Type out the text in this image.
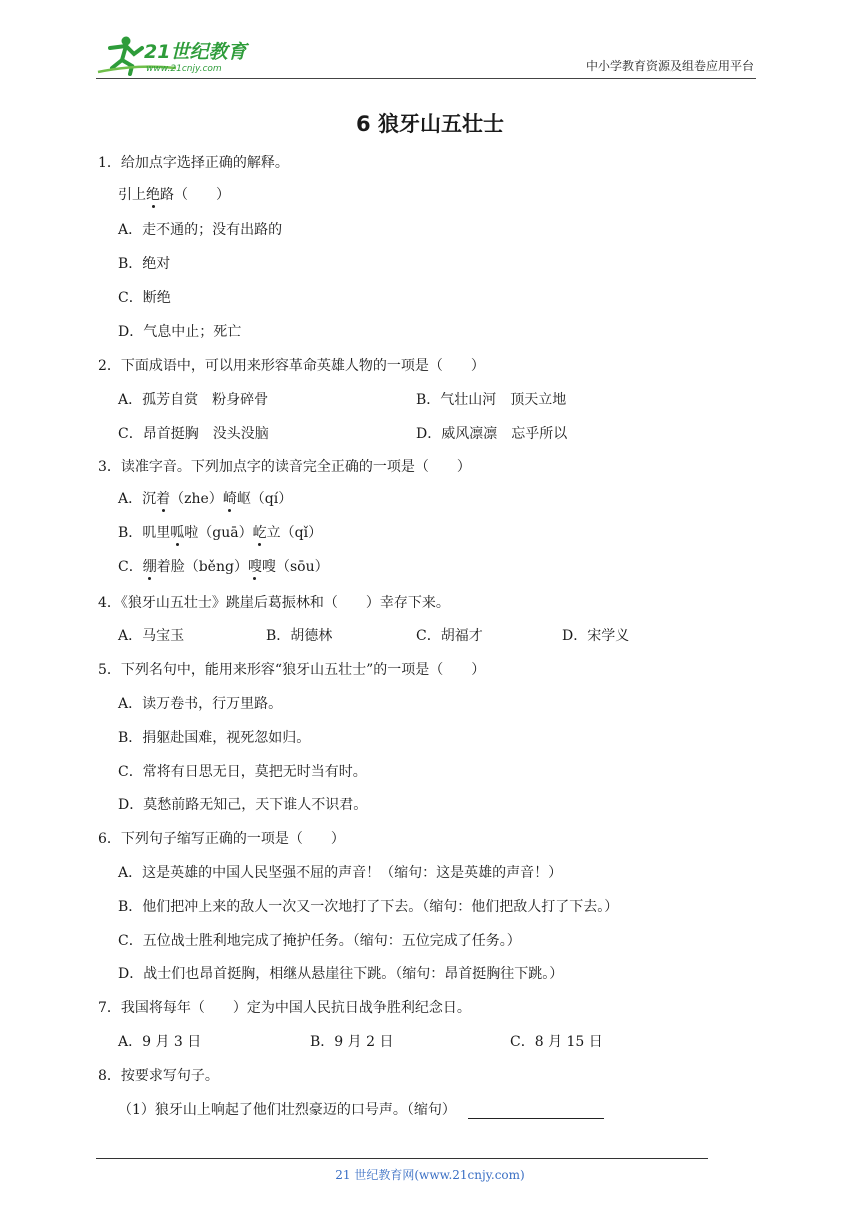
21世纪教育
www.21cnjy.com	中小学教育资源及组卷应用平台
6 狼牙山五壮士
1．给加点字选择正确的解释。
引上绝路（　　）
A．走不通的；没有出路的
B．绝对
C．断绝
D．气息中止；死亡
2．下面成语中，可以用来形容革命英雄人物的一项是（　　）
A．孤芳自赏　粉身碎骨	B．气壮山河　顶天立地
C．昂首挺胸　没头没脑	D．威风凛凛　忘乎所以
3．读准字音。下列加点字的读音完全正确的一项是（　　）
A．沉着（zhe）崎岖（qí）
B．叽里呱啦（guā）屹立（qǐ）
C．绷着脸（běng）嗖嗖（sōu）
4．《狼牙山五壮士》跳崖后葛振林和（　　）幸存下来。
A．马宝玉	B．胡德林	C．胡福才	D．宋学义
5．下列名句中，能用来形容“狼牙山五壮士”的一项是（　　）
A．读万卷书，行万里路。
B．捐躯赴国难，视死忽如归。
C．常将有日思无日，莫把无时当有时。
D．莫愁前路无知己，天下谁人不识君。
6．下列句子缩写正确的一项是（　　）
A．这是英雄的中国人民坚强不屈的声音！（缩句：这是英雄的声音！）
B．他们把冲上来的敌人一次又一次地打了下去。（缩句：他们把敌人打了下去。）
C．五位战士胜利地完成了掩护任务。（缩句：五位完成了任务。）
D．战士们也昂首挺胸，相继从悬崖往下跳。（缩句：昂首挺胸往下跳。）
7．我国将每年（　　）定为中国人民抗日战争胜利纪念日。
A．9 月 3 日	B．9 月 2 日	C．8 月 15 日
8．按要求写句子。
（1）狼牙山上响起了他们壮烈豪迈的口号声。（缩句）
21 世纪教育网(www.21cnjy.com)
